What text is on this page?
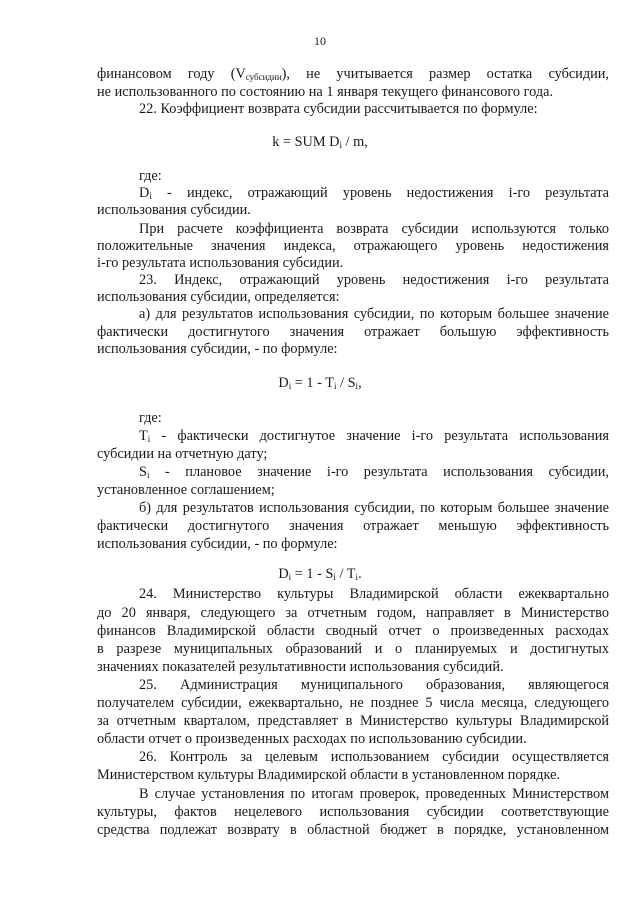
10
финансовом году $(V_{субсидии})$, не учитывается размер остатка субсидии,
не использованного по состоянию на 1 января текущего финансового года.
22. Коэффициент возврата субсидии рассчитывается по формуле:
k = SUM $D_i$ / m,
где:
$D_i$ - индекс, отражающий уровень недостижения i-го результата
использования субсидии.
При расчете коэффициента возврата субсидии используются только
положительные значения индекса, отражающего уровень недостижения
i-го результата использования субсидии.
23. Индекс, отражающий уровень недостижения i-го результата
использования субсидии, определяется:
а) для результатов использования субсидии, по которым большее значение
фактически достигнутого значения отражает большую эффективность
использования субсидии, - по формуле:
$D_i = 1 - T_i / S_i$,
где:
$T_i$ - фактически достигнутое значение i-го результата использования
субсидии на отчетную дату;
$S_i$ - плановое значение i-го результата использования субсидии,
установленное соглашением;
б) для результатов использования субсидии, по которым большее значение
фактически достигнутого значения отражает меньшую эффективность
использования субсидии, - по формуле:
$D_i = 1 - S_i / T_i$.
24. Министерство культуры Владимирской области ежеквартально
до 20 января, следующего за отчетным годом, направляет в Министерство
финансов Владимирской области сводный отчет о произведенных расходах
в разрезе муниципальных образований и о планируемых и достигнутых
значениях показателей результативности использования субсидий.
25. Администрация муниципального образования, являющегося
получателем субсидии, ежеквартально, не позднее 5 числа месяца, следующего
за отчетным кварталом, представляет в Министерство культуры Владимирской
области отчет о произведенных расходах по использованию субсидии.
26. Контроль за целевым использованием субсидии осуществляется
Министерством культуры Владимирской области в установленном порядке.
В случае установления по итогам проверок, проведенных Министерством
культуры, фактов нецелевого использования субсидии соответствующие
средства подлежат возврату в областной бюджет в порядке, установленном
